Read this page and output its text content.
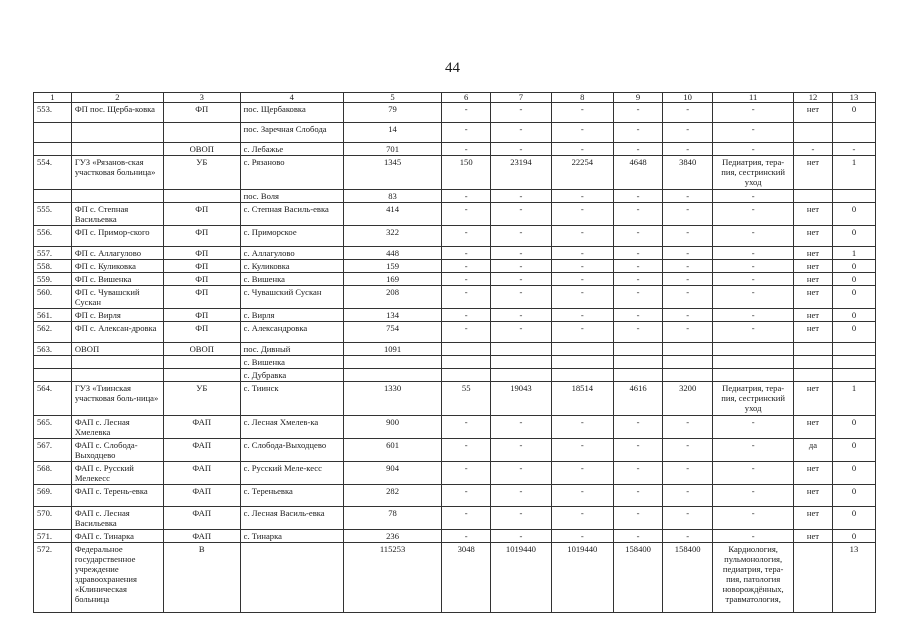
44
1	2	3	4	5	6	7	8	9	10	11	12	13
553.	ФП пос. Щерба-ковка	ФП	пос. Щербаковка	79	-	-	-	-	-	-	нет	0
			пос. Заречная Слобода	14	-	-	-	-	-	-		
		ОВОП	с. Лебажье	701	-	-	-	-	-	-	-	-
554.	ГУЗ «Рязанов-ская участковая больница»	УБ	с. Рязаново	1345	150	23194	22254	4648	3840	Педиатрия, тера-пия, сестринский уход	нет	1
			пос. Воля	83	-	-	-	-	-	-		
555.	ФП с. Степная Васильевка	ФП	с. Степная Василь-евка	414	-	-	-	-	-	-	нет	0
556.	ФП с. Примор-ского	ФП	с. Приморское	322	-	-	-	-	-	-	нет	0
557.	ФП с. Аллагулово	ФП	с. Аллагулово	448	-	-	-	-	-	-	нет	1
558.	ФП с. Куликовка	ФП	с. Куликовка	159	-	-	-	-	-	-	нет	0
559.	ФП с. Вишенка	ФП	с. Вишенка	169	-	-	-	-	-	-	нет	0
560.	ФП с. Чувашский Сускан	ФП	с. Чувашский Сускан	208	-	-	-	-	-	-	нет	0
561.	ФП с. Вирля	ФП	с. Вирля	134	-	-	-	-	-	-	нет	0
562.	ФП с. Алексан-дровка	ФП	с. Александровка	754	-	-	-	-	-	-	нет	0
563.	ОВОП	ОВОП	пос. Дивный	1091								
			с. Вишенка									
			с. Дубравка									
564.	ГУЗ «Тиинская участковая боль-ница»	УБ	с. Тиинск	1330	55	19043	18514	4616	3200	Педиатрия, тера-пия, сестринский уход	нет	1
565.	ФАП с. Лесная Хмелевка	ФАП	с. Лесная Хмелев-ка	900	-	-	-	-	-	-	нет	0
567.	ФАП с. Слобода-Выходцево	ФАП	с. Слобода-Выходцево	601	-	-	-	-	-	-	да	0
568.	ФАП с. Русский Мелекесс	ФАП	с. Русский Меле-кесс	904	-	-	-	-	-	-	нет	0
569.	ФАП с. Терень-евка	ФАП	с. Тереньевка	282	-	-	-	-	-	-	нет	0
570.	ФАП с. Лесная Васильевка	ФАП	с. Лесная Василь-евка	78	-	-	-	-	-	-	нет	0
571.	ФАП с. Тинарка	ФАП	с. Тинарка	236	-	-	-	-	-	-	нет	0
572.	Федеральное государственное учреждение здравоохранения «Клиническая больница	В		115253	3048	1019440	1019440	158400	158400	Кардиология, пульмонология, педиатрия, тера-пия, патология новорождённых, травматология,		13
